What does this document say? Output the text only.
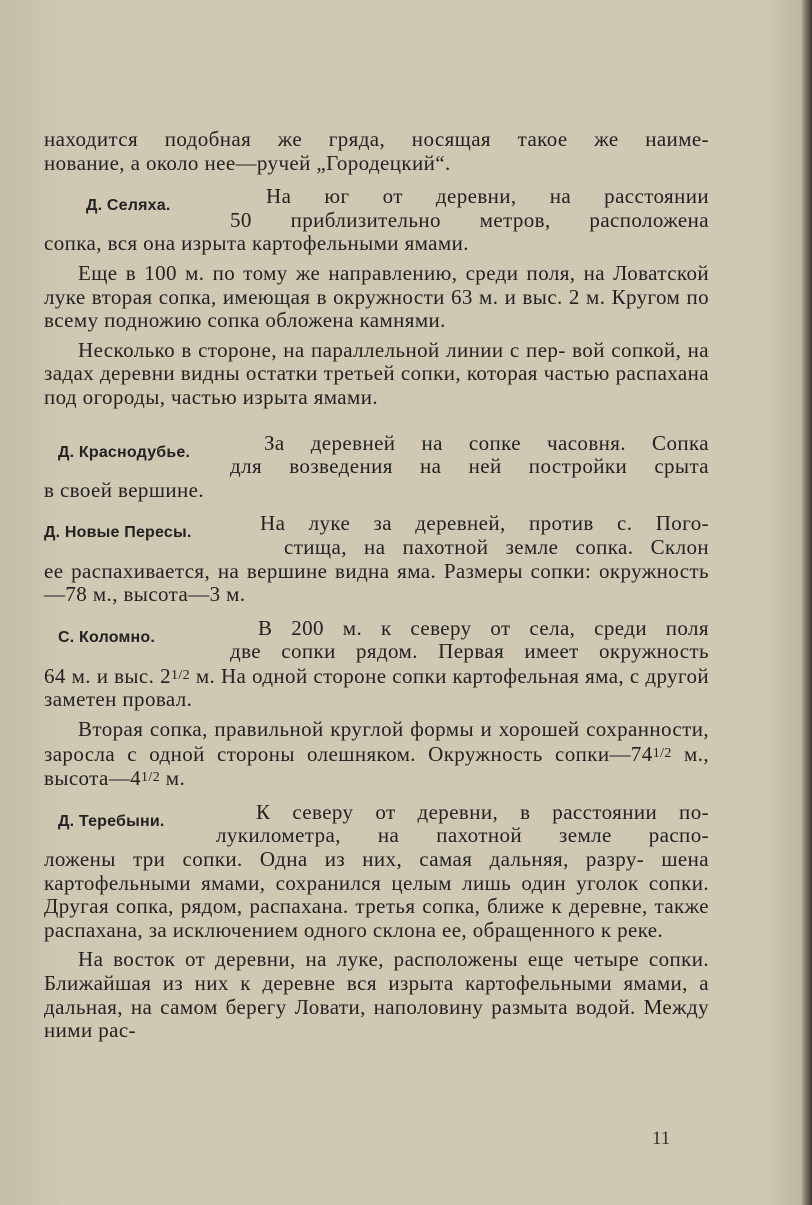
находится подобная же гряда, носящая такое же наиме-

нование, а около нее—ручей „Городецкий“.

Д. Селяха.	На юг от деревни, на расстоянии
50 приблизительно метров, расположена

сопка, вся она изрыта картофельными ямами.

Еще в 100 м. по тому же направлению, среди поля, на Ловатской луке вторая сопка, имеющая в окружности 63 м. и выс. 2 м. Кругом по всему подножию сопка обложена камнями.

Несколько в стороне, на параллельной линии с пер- вой сопкой, на задах деревни видны остатки третьей сопки, которая частью распахана под огороды, частью изрыта ямами.

Д. Краснодубье.	За деревней на сопке часовня. Сопка
для возведения на ней постройки срыта

в своей вершине.

Д. Новые Пересы.	На луке за деревней, против с. Пого-
стища, на пахотной земле сопка. Склон

ее распахивается, на вершине видна яма. Размеры сопки: окружность—78 м., высота—3 м.

С. Коломно.	В 200 м. к северу от села, среди поля
две сопки рядом. Первая имеет окружность

64 м. и выс. 21/2 м. На одной стороне сопки картофельная яма, с другой заметен провал.

Вторая сопка, правильной круглой формы и хорошей сохранности, заросла с одной стороны олешняком. Окружность сопки—741/2 м., высота—41/2 м.

Д. Теребыни.	К северу от деревни, в расстоянии по-
лукилометра, на пахотной земле распо-

ложены три сопки. Одна из них, самая дальняя, разру- шена картофельными ямами, сохранился целым лишь один уголок сопки. Другая сопка, рядом, распахана. третья сопка, ближе к деревне, также распахана, за исключением одного склона ее, обращенного к реке.

На восток от деревни, на луке, расположены еще четыре сопки. Ближайшая из них к деревне вся изрыта картофельными ямами, а дальная, на самом берегу Ловати, наполовину размыта водой. Между ними рас-

11
